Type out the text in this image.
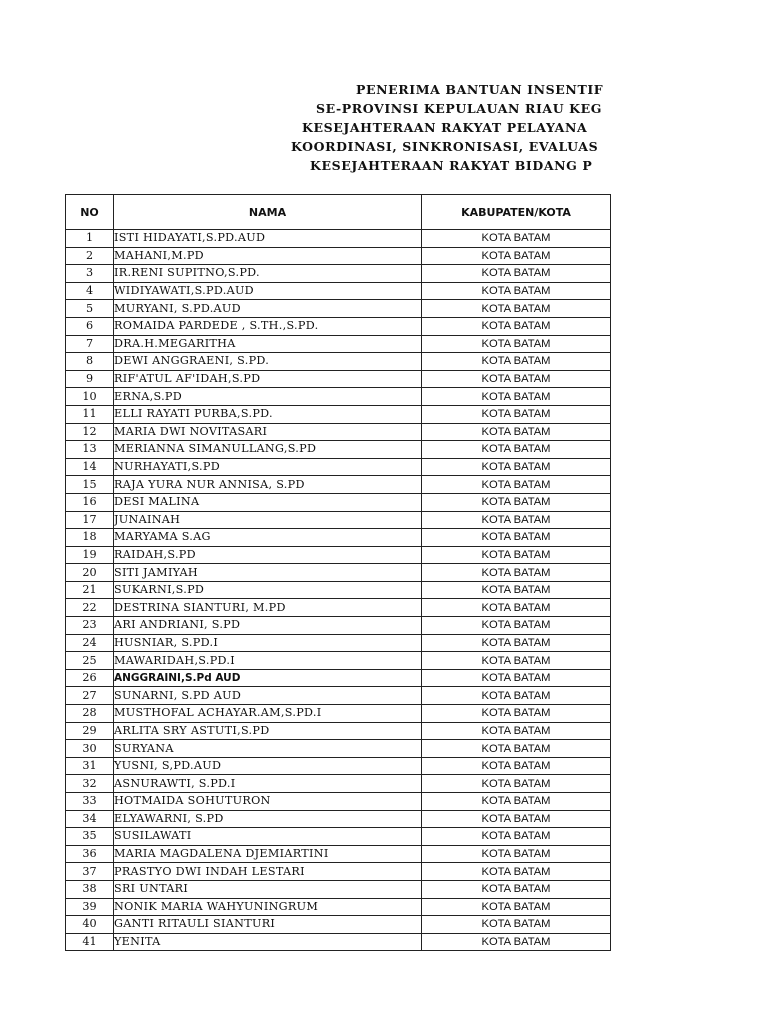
PENERIMA BANTUAN INSENTIF
SE-PROVINSI KEPULAUAN RIAU KEG
KESEJAHTERAAN RAKYAT PELAYANA
KOORDINASI, SINKRONISASI, EVALUAS
KESEJAHTERAAN RAKYAT BIDANG P
NO	NAMA	KABUPATEN/KOTA
1	ISTI HIDAYATI,S.PD.AUD	KOTA BATAM
2	MAHANI,M.PD	KOTA BATAM
3	IR.RENI SUPITNO,S.PD.	KOTA BATAM
4	WIDIYAWATI,S.PD.AUD	KOTA BATAM
5	MURYANI, S.PD.AUD	KOTA BATAM
6	ROMAIDA PARDEDE , S.TH.,S.PD.	KOTA BATAM
7	DRA.H.MEGARITHA	KOTA BATAM
8	DEWI ANGGRAENI, S.PD.	KOTA BATAM
9	RIF'ATUL AF'IDAH,S.PD	KOTA BATAM
10	ERNA,S.PD	KOTA BATAM
11	ELLI RAYATI PURBA,S.PD.	KOTA BATAM
12	MARIA DWI NOVITASARI	KOTA BATAM
13	MERIANNA SIMANULLANG,S.PD	KOTA BATAM
14	NURHAYATI,S.PD	KOTA BATAM
15	RAJA YURA NUR ANNISA, S.PD	KOTA BATAM
16	DESI MALINA	KOTA BATAM
17	JUNAINAH	KOTA BATAM
18	MARYAMA S.AG	KOTA BATAM
19	RAIDAH,S.PD	KOTA BATAM
20	SITI JAMIYAH	KOTA BATAM
21	SUKARNI,S.PD	KOTA BATAM
22	DESTRINA SIANTURI, M.PD	KOTA BATAM
23	ARI ANDRIANI, S.PD	KOTA BATAM
24	HUSNIAR, S.PD.I	KOTA BATAM
25	MAWARIDAH,S.PD.I	KOTA BATAM
26	ANGGRAINI,S.Pd AUD	KOTA BATAM
27	SUNARNI, S.PD AUD	KOTA BATAM
28	MUSTHOFAL ACHAYAR.AM,S.PD.I	KOTA BATAM
29	ARLITA SRY ASTUTI,S.PD	KOTA BATAM
30	SURYANA	KOTA BATAM
31	YUSNI, S,PD.AUD	KOTA BATAM
32	ASNURAWTI, S.PD.I	KOTA BATAM
33	HOTMAIDA SOHUTURON	KOTA BATAM
34	ELYAWARNI, S.PD	KOTA BATAM
35	SUSILAWATI	KOTA BATAM
36	MARIA MAGDALENA DJEMIARTINI	KOTA BATAM
37	PRASTYO DWI INDAH LESTARI	KOTA BATAM
38	SRI UNTARI	KOTA BATAM
39	NONIK MARIA WAHYUNINGRUM	KOTA BATAM
40	GANTI RITAULI SIANTURI	KOTA BATAM
41	YENITA	KOTA BATAM
